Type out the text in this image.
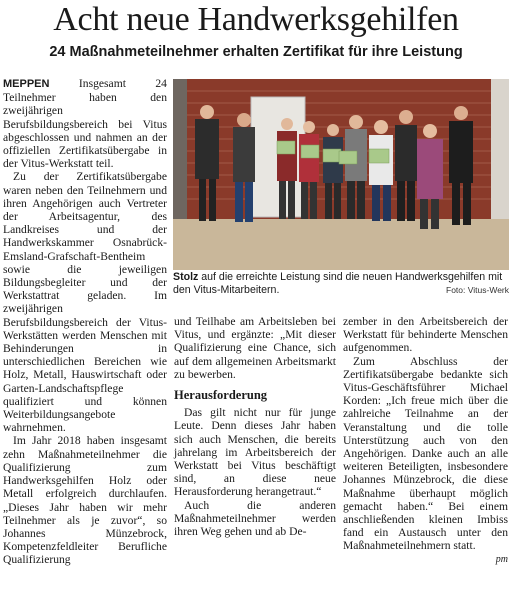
Acht neue Handwerksgehilfen
24 Maßnahmeteilnehmer erhalten Zertifikat für ihre Leistung

MEPPEN	Insgesamt 24 Teilnehmer haben den zweijährigen Berufsbildungsbereich bei Vitus abgeschlossen und nahmen an der offiziellen Zertifikatsübergabe in der Vitus-Werkstatt teil.

Zu der Zertifikatsübergabe waren neben den Teilnehmern und ihren Angehörigen auch Vertreter der Arbeitsagentur, des Landkreises und der Handwerkskammer Osnabrück-Emsland-Grafschaft-Bentheim sowie die jeweiligen Bildungsbegleiter und der Werkstattrat geladen. Im zweijährigen Berufsbildungsbereich der Vitus-Werkstätten werden Menschen mit Behinderungen in unterschiedlichen Bereichen wie Holz, Metall, Hauswirtschaft oder Garten-Landschaftspflege qualifiziert und können Weiterbildungsangebote wahrnehmen.

Im Jahr 2018 haben insgesamt zehn Maßnahmeteilnehmer die Qualifizierung zum Handwerksgehilfen Holz oder Metall erfolgreich durchlaufen. „Dieses Jahr haben wir mehr Teilnehmer als je zuvor“, so Johannes Münzebrock, Kompetenzfeldleiter Berufliche Qualifizierung

Stolz auf die erreichte Leistung sind die neuen Handwerksgehilfen mit den Vitus-Mitarbeitern.	Foto: Vitus-Werk

und Teilhabe am Arbeitsleben bei Vitus, und ergänzte: „Mit dieser Qualifizierung eine Chance, sich auf dem allgemeinen Arbeitsmarkt zu bewerben.

Herausforderung

Das gilt nicht nur für junge Leute. Denn dieses Jahr haben sich auch Menschen, die bereits jahrelang im Arbeitsbereich der Werkstatt bei Vitus beschäftigt sind, an diese neue Herausforderung herangetraut.“

Auch die anderen Maßnahmeteilnehmer werden ihren Weg gehen und ab De-

zember in den Arbeitsbereich der Werkstatt für behinderte Menschen aufgenommen.

Zum Abschluss der Zertifikatsübergabe bedankte sich Vitus-Geschäftsführer Michael Korden: „Ich freue mich über die zahlreiche Teilnahme an der Veranstaltung und die tolle Unterstützung auch von den Angehörigen. Danke auch an alle weiteren Beteiligten, insbesondere Johannes Münzebrock, die diese Maßnahme überhaupt möglich gemacht haben.“ Bei einem anschließenden kleinen Imbiss fand ein Austausch unter den Maßnahmeteilnehmern statt.

pm
